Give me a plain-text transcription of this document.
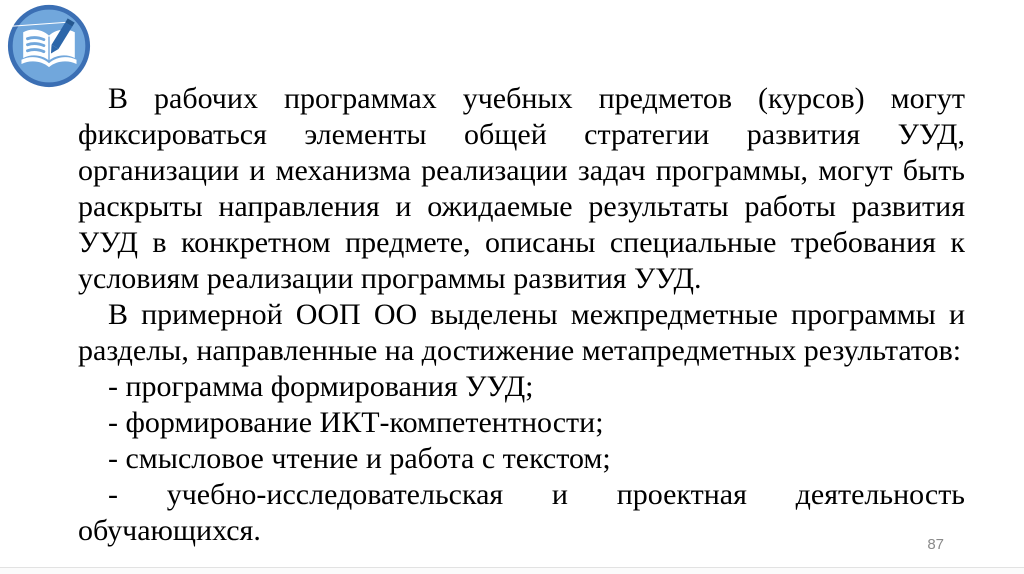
В рабочих программах учебных предметов (курсов) могут
фиксироваться элементы общей стратегии развития УУД,
организации и механизма реализации задач программы, могут быть
раскрыты направления и ожидаемые результаты работы развития
УУД в конкретном предмете, описаны специальные требования к
условиям реализации программы развития УУД.
В примерной ООП ОО выделены межпредметные программы и
разделы, направленные на достижение метапредметных результатов:
- программа формирования УУД;
- формирование ИКТ-компетентности;
- смысловое чтение и работа с текстом;
- учебно-исследовательская и проектная деятельность
обучающихся.	87
